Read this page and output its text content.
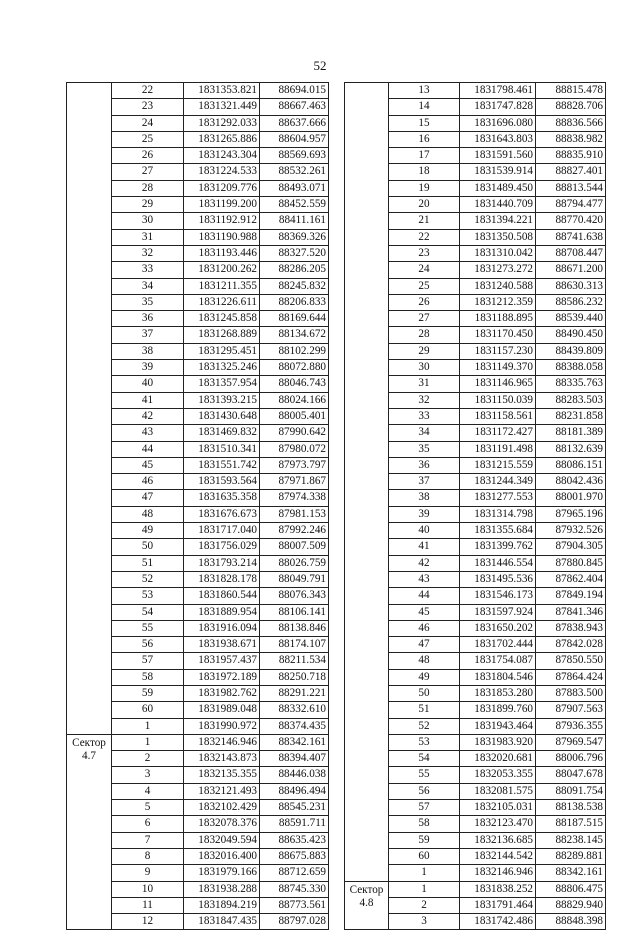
52
	22	1831353.821	88694.015
	23	1831321.449	88667.463
	24	1831292.033	88637.666
	25	1831265.886	88604.957
	26	1831243.304	88569.693
	27	1831224.533	88532.261
	28	1831209.776	88493.071
	29	1831199.200	88452.559
	30	1831192.912	88411.161
	31	1831190.988	88369.326
	32	1831193.446	88327.520
	33	1831200.262	88286.205
	34	1831211.355	88245.832
	35	1831226.611	88206.833
	36	1831245.858	88169.644
	37	1831268.889	88134.672
	38	1831295.451	88102.299
	39	1831325.246	88072.880
	40	1831357.954	88046.743
	41	1831393.215	88024.166
	42	1831430.648	88005.401
	43	1831469.832	87990.642
	44	1831510.341	87980.072
	45	1831551.742	87973.797
	46	1831593.564	87971.867
	47	1831635.358	87974.338
	48	1831676.673	87981.153
	49	1831717.040	87992.246
	50	1831756.029	88007.509
	51	1831793.214	88026.759
	52	1831828.178	88049.791
	53	1831860.544	88076.343
	54	1831889.954	88106.141
	55	1831916.094	88138.846
	56	1831938.671	88174.107
	57	1831957.437	88211.534
	58	1831972.189	88250.718
	59	1831982.762	88291.221
	60	1831989.048	88332.610
	1	1831990.972	88374.435

Сектор
4.7	1	1832146.946	88342.161
	2	1832143.873	88394.407
	3	1832135.355	88446.038
	4	1832121.493	88496.494
	5	1832102.429	88545.231
	6	1832078.376	88591.711
	7	1832049.594	88635.423
	8	1832016.400	88675.883
	9	1831979.166	88712.659
	10	1831938.288	88745.330
	11	1831894.219	88773.561
	12	1831847.435	88797.028
	13	1831798.461	88815.478
	14	1831747.828	88828.706
	15	1831696.080	88836.566
	16	1831643.803	88838.982
	17	1831591.560	88835.910
	18	1831539.914	88827.401
	19	1831489.450	88813.544
	20	1831440.709	88794.477
	21	1831394.221	88770.420
	22	1831350.508	88741.638
	23	1831310.042	88708.447
	24	1831273.272	88671.200
	25	1831240.588	88630.313
	26	1831212.359	88586.232
	27	1831188.895	88539.440
	28	1831170.450	88490.450
	29	1831157.230	88439.809
	30	1831149.370	88388.058
	31	1831146.965	88335.763
	32	1831150.039	88283.503
	33	1831158.561	88231.858
	34	1831172.427	88181.389
	35	1831191.498	88132.639
	36	1831215.559	88086.151
	37	1831244.349	88042.436
	38	1831277.553	88001.970
	39	1831314.798	87965.196
	40	1831355.684	87932.526
	41	1831399.762	87904.305
	42	1831446.554	87880.845
	43	1831495.536	87862.404
	44	1831546.173	87849.194
	45	1831597.924	87841.346
	46	1831650.202	87838.943
	47	1831702.444	87842.028
	48	1831754.087	87850.550
	49	1831804.546	87864.424
	50	1831853.280	87883.500
	51	1831899.760	87907.563
	52	1831943.464	87936.355
	53	1831983.920	87969.547
	54	1832020.681	88006.796
	55	1832053.355	88047.678
	56	1832081.575	88091.754
	57	1832105.031	88138.538
	58	1832123.470	88187.515
	59	1832136.685	88238.145
	60	1832144.542	88289.881
	1	1832146.946	88342.161

Сектор
4.8	1	1831838.252	88806.475
	2	1831791.464	88829.940
	3	1831742.486	88848.398
